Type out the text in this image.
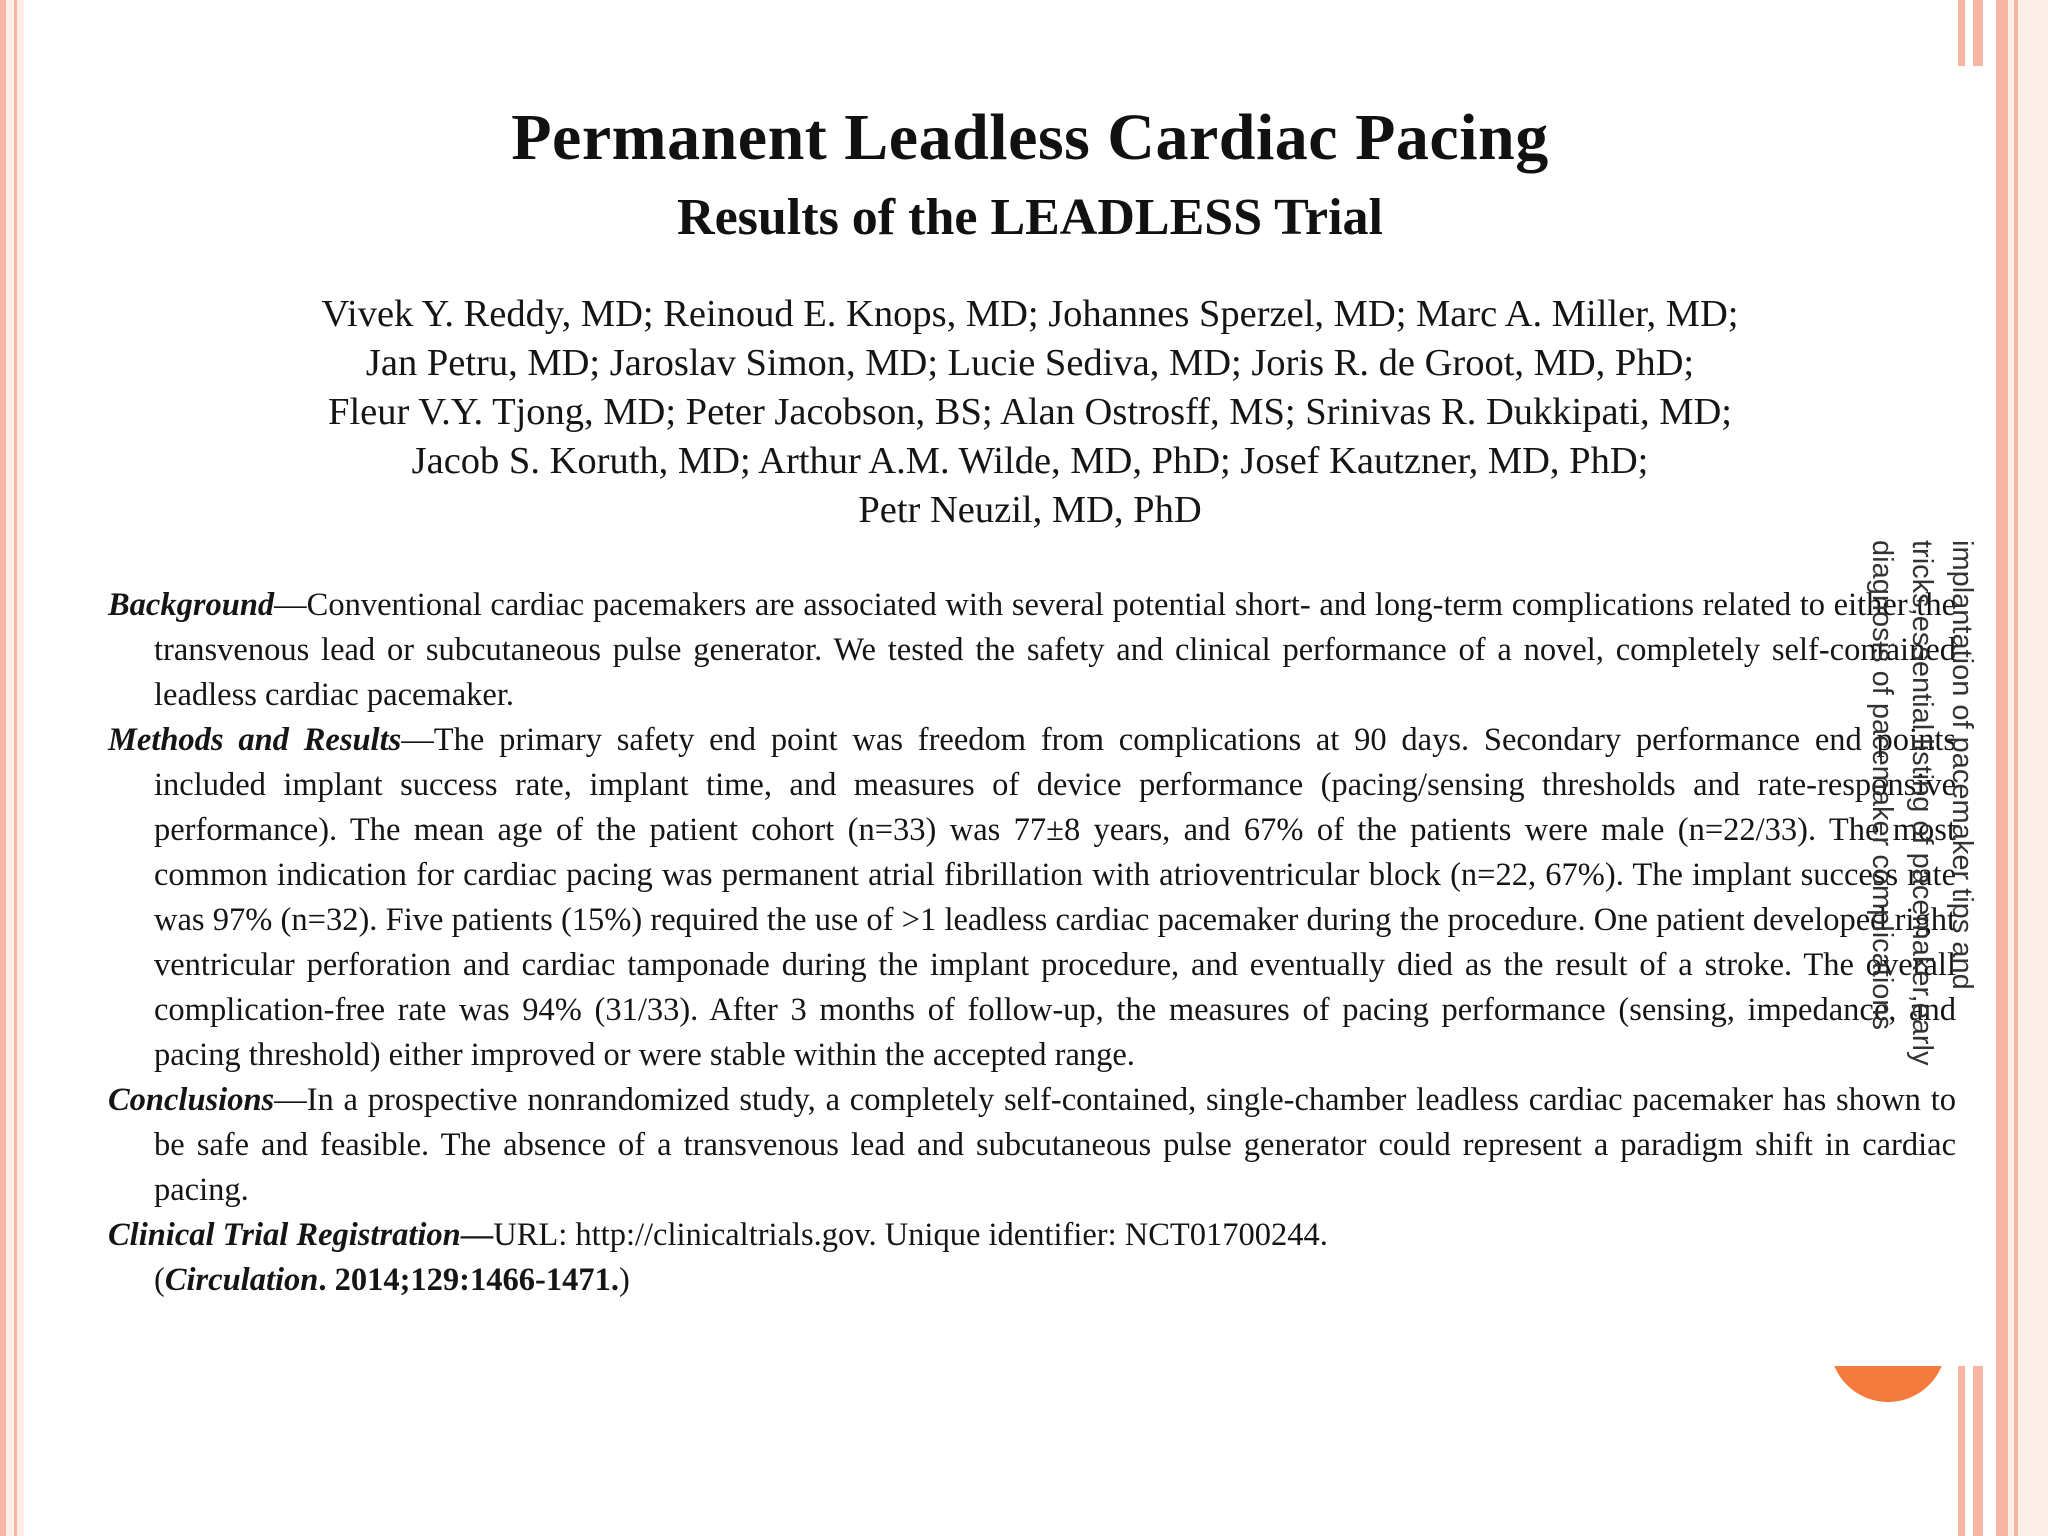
Permanent Leadless Cardiac Pacing
Results of the LEADLESS Trial
Vivek Y. Reddy, MD; Reinoud E. Knops, MD; Johannes Sperzel, MD; Marc A. Miller, MD;
Jan Petru, MD; Jaroslav Simon, MD; Lucie Sediva, MD; Joris R. de Groot, MD, PhD;
Fleur V.Y. Tjong, MD; Peter Jacobson, BS; Alan Ostrosff, MS; Srinivas R. Dukkipati, MD;
Jacob S. Koruth, MD; Arthur A.M. Wilde, MD, PhD; Josef Kautzner, MD, PhD;
Petr Neuzil, MD, PhD

Background—Conventional cardiac pacemakers are associated with several potential short- and long-term complications related to either the transvenous lead or subcutaneous pulse generator. We tested the safety and clinical performance of a novel, completely self-contained leadless cardiac pacemaker.

Methods and Results—The primary safety end point was freedom from complications at 90 days. Secondary performance end points included implant success rate, implant time, and measures of device performance (pacing/sensing thresholds and rate-responsive performance). The mean age of the patient cohort (n=33) was 77±8 years, and 67% of the patients were male (n=22/33). The most common indication for cardiac pacing was permanent atrial fibrillation with atrioventricular block (n=22, 67%). The implant success rate was 97% (n=32). Five patients (15%) required the use of >1 leadless cardiac pacemaker during the procedure. One patient developed right ventricular perforation and cardiac tamponade during the implant procedure, and eventually died as the result of a stroke. The overall complication-free rate was 94% (31/33). After 3 months of follow-up, the measures of pacing performance (sensing, impedance, and pacing threshold) either improved or were stable within the accepted range.

Conclusions—In a prospective nonrandomized study, a completely self-contained, single-chamber leadless cardiac pacemaker has shown to be safe and feasible. The absence of a transvenous lead and subcutaneous pulse generator could represent a paradigm shift in cardiac pacing.

Clinical Trial Registration—URL: http://clinicaltrials.gov. Unique identifier: NCT01700244.

(Circulation. 2014;129:1466-1471.)
implantation of pacemaker tips and tricks,essential listing of pacemaker,early diagnosis of pacemaker complications
